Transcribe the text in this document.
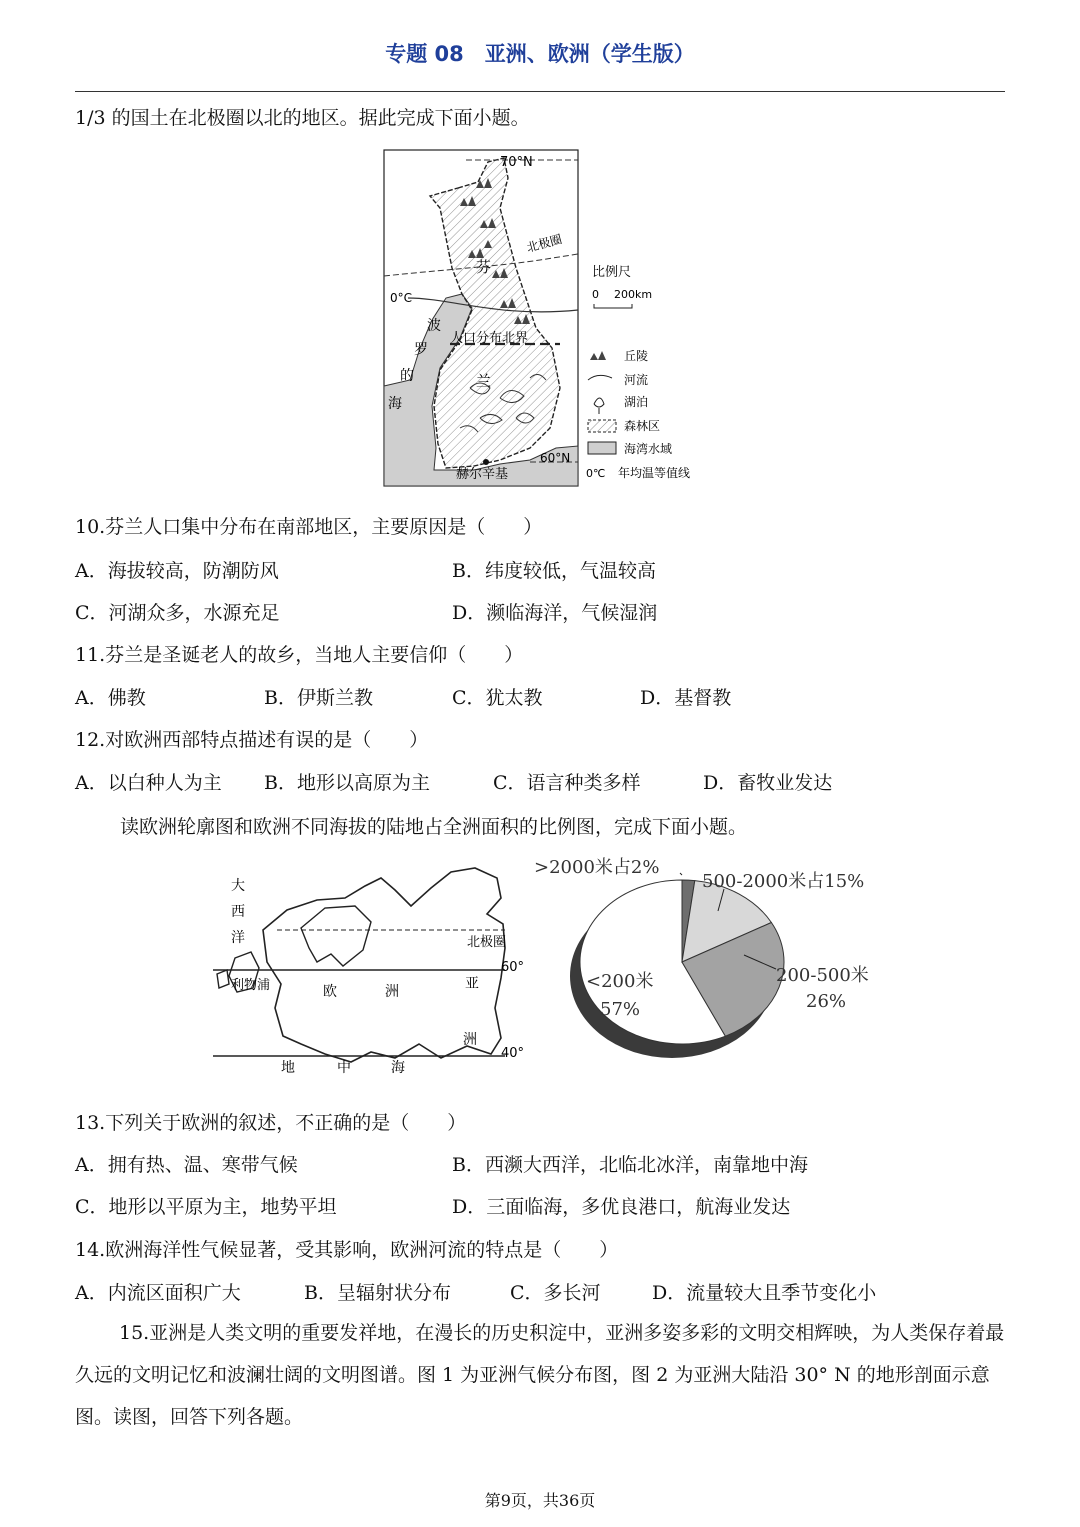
专题 08　亚洲、欧洲（学生版）
1/3 的国土在北极圈以北的地区。据此完成下面小题。
70°N
北极圈
0°C
人口分布北界
波
罗
的
海
芬
兰
赫尔辛基
60°N
比例尺
0 200km
丘陵
河流
湖泊
森林区
海湾水域
0℃ 年均温等值线
10.芬兰人口集中分布在南部地区，主要原因是（　　）
A．海拔较高，防潮防风	B．纬度较低，气温较高
C．河湖众多，水源充足	D．濒临海洋，气候湿润
11.芬兰是圣诞老人的故乡，当地人主要信仰（　　）
A．佛教	B．伊斯兰教	C．犹太教	D．基督教
12.对欧洲西部特点描述有误的是（　　）
A．以白种人为主 B．地形以高原为主	C．语言种类多样	D．畜牧业发达
读欧洲轮廓图和欧洲不同海拔的陆地占全洲面积的比例图，完成下面小题。
大
西
洋	北极圈
60°
40°
利物浦	欧	洲	亚
洲
地	中	海
>2000米占2%
500-2000米占15%
200-500米
26%
<200米
57%
13.下列关于欧洲的叙述，不正确的是（　　）
A．拥有热、温、寒带气候	B．西濒大西洋，北临北冰洋，南靠地中海
C．地形以平原为主，地势平坦	D．三面临海，多优良港口，航海业发达
14.欧洲海洋性气候显著，受其影响，欧洲河流的特点是（　　）
A．内流区面积广大	B．呈辐射状分布	C．多长河	D．流量较大且季节变化小
15.亚洲是人类文明的重要发祥地，在漫长的历史积淀中，亚洲多姿多彩的文明交相辉映，为人类保存着最久远的文明记忆和波澜壮阔的文明图谱。图 1 为亚洲气候分布图，图 2 为亚洲大陆沿 30° N 的地形剖面示意图。读图，回答下列各题。
第9页，共36页
